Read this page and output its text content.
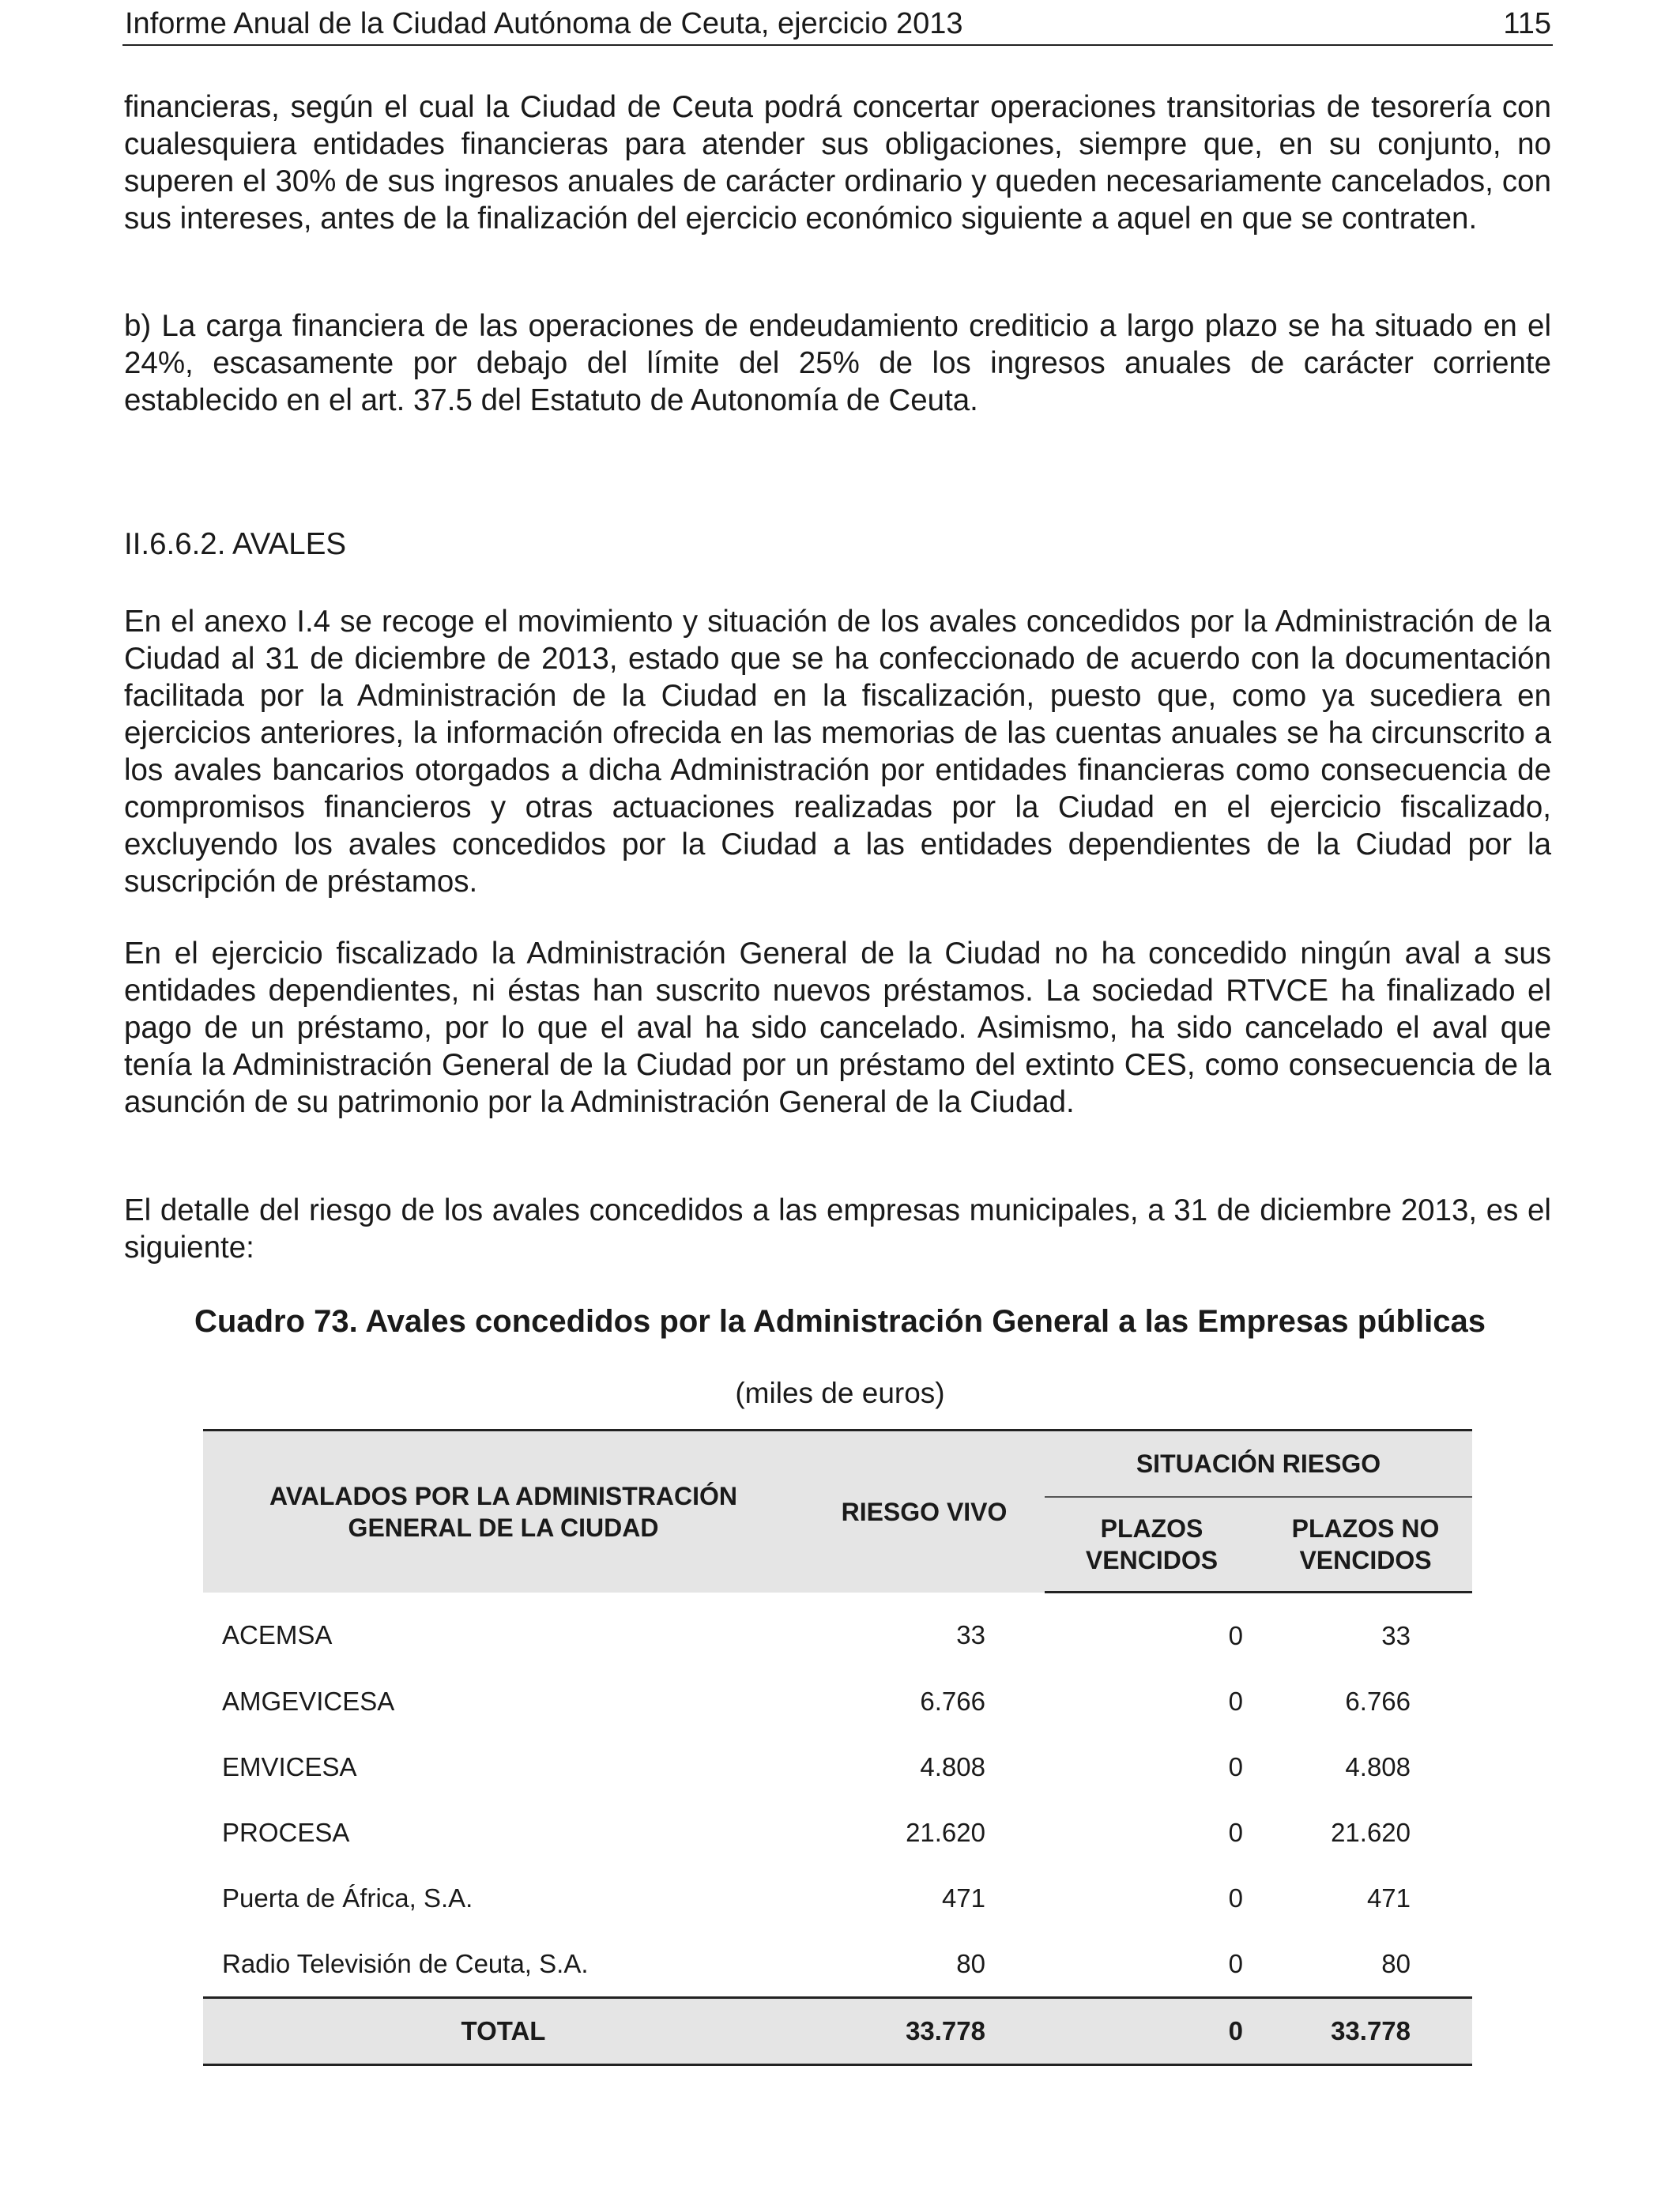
Informe Anual de la Ciudad Autónoma de Ceuta, ejercicio 2013	115

financieras, según el cual la Ciudad de Ceuta podrá concertar operaciones transitorias de tesorería con cualesquiera entidades financieras para atender sus obligaciones, siempre que, en su conjunto, no superen el 30% de sus ingresos anuales de carácter ordinario y queden necesariamente cancelados, con sus intereses, antes de la finalización del ejercicio económico siguiente a aquel en que se contraten.

b) La carga financiera de las operaciones de endeudamiento crediticio a largo plazo se ha situado en el 24%, escasamente por debajo del límite del 25% de los ingresos anuales de carácter corriente establecido en el art. 37.5 del Estatuto de Autonomía de Ceuta.

II.6.6.2. AVALES

En el anexo I.4 se recoge el movimiento y situación de los avales concedidos por la Administración de la Ciudad al 31 de diciembre de 2013, estado que se ha confeccionado de acuerdo con la documentación facilitada por la Administración de la Ciudad en la fiscalización, puesto que, como ya sucediera en ejercicios anteriores, la información ofrecida en las memorias de las cuentas anuales se ha circunscrito a los avales bancarios otorgados a dicha Administración por entidades financieras como consecuencia de compromisos financieros y otras actuaciones realizadas por la Ciudad en el ejercicio fiscalizado, excluyendo los avales concedidos por la Ciudad a las entidades dependientes de la Ciudad por la suscripción de préstamos.

En el ejercicio fiscalizado la Administración General de la Ciudad no ha concedido ningún aval a sus entidades dependientes, ni éstas han suscrito nuevos préstamos. La sociedad RTVCE ha finalizado el pago de un préstamo, por lo que el aval ha sido cancelado. Asimismo, ha sido cancelado el aval que tenía la Administración General de la Ciudad por un préstamo del extinto CES, como consecuencia de la asunción de su patrimonio por la Administración General de la Ciudad.

El detalle del riesgo de los avales concedidos a las empresas municipales, a 31 de diciembre 2013, es el siguiente:

Cuadro 73. Avales concedidos por la Administración General a las Empresas públicas
(miles de euros)
AVALADOS POR LA ADMINISTRACIÓN GENERAL DE LA CIUDAD	RIESGO VIVO	SITUACIÓN RIESGO	
		PLAZOS VENCIDOS	PLAZOS NO VENCIDOS
ACEMSA	33	0	33
AMGEVICESA	6.766	0	6.766
EMVICESA	4.808	0	4.808
PROCESA	21.620	0	21.620
Puerta de África, S.A.	471	0	471
Radio Televisión de Ceuta, S.A.	80	0	80
TOTAL	33.778	0	33.778
